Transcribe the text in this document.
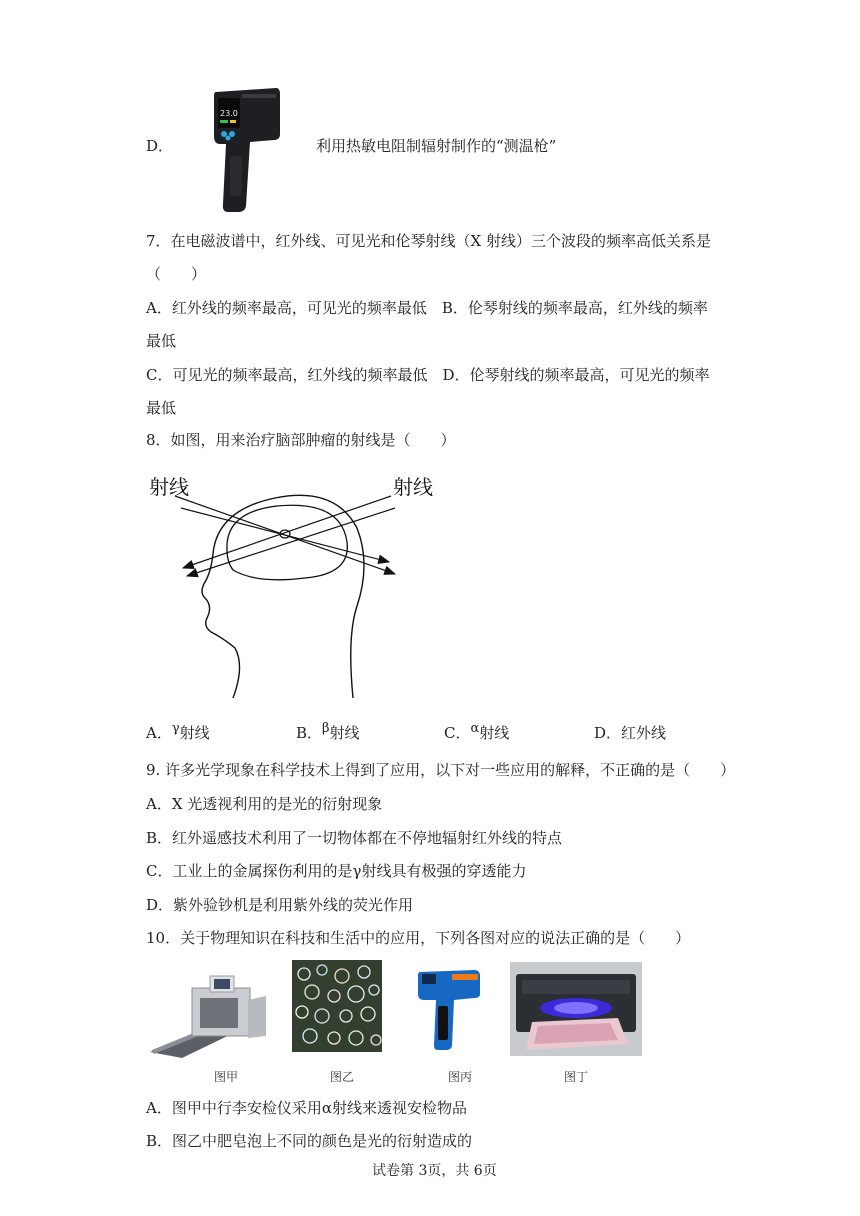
D．
23.0
利用热敏电阻制辐射制作的“测温枪”
7．在电磁波谱中，红外线、可见光和伦琴射线（X 射线）三个波段的频率高低关系是
（　　）
A．红外线的频率最高，可见光的频率最低　B．伦琴射线的频率最高，红外线的频率
最低
C．可见光的频率最高，红外线的频率最低　D．伦琴射线的频率最高，可见光的频率
最低
8．如图，用来治疗脑部肿瘤的射线是（　　）
射线	射线
A．γ射线	B．β射线	C．α射线	D．红外线
9. 许多光学现象在科学技术上得到了应用，以下对一些应用的解释，不正确的是（　　）
A．X 光透视利用的是光的衍射现象
B．红外遥感技术利用了一切物体都在不停地辐射红外线的特点
C．工业上的金属探伤利用的是γ射线具有极强的穿透能力
D．紫外验钞机是利用紫外线的荧光作用
10．关于物理知识在科技和生活中的应用，下列各图对应的说法正确的是（　　）
图甲	图乙	图丙	图丁
A．图甲中行李安检仪采用α射线来透视安检物品
B．图乙中肥皂泡上不同的颜色是光的衍射造成的
试卷第 3页，共 6页
